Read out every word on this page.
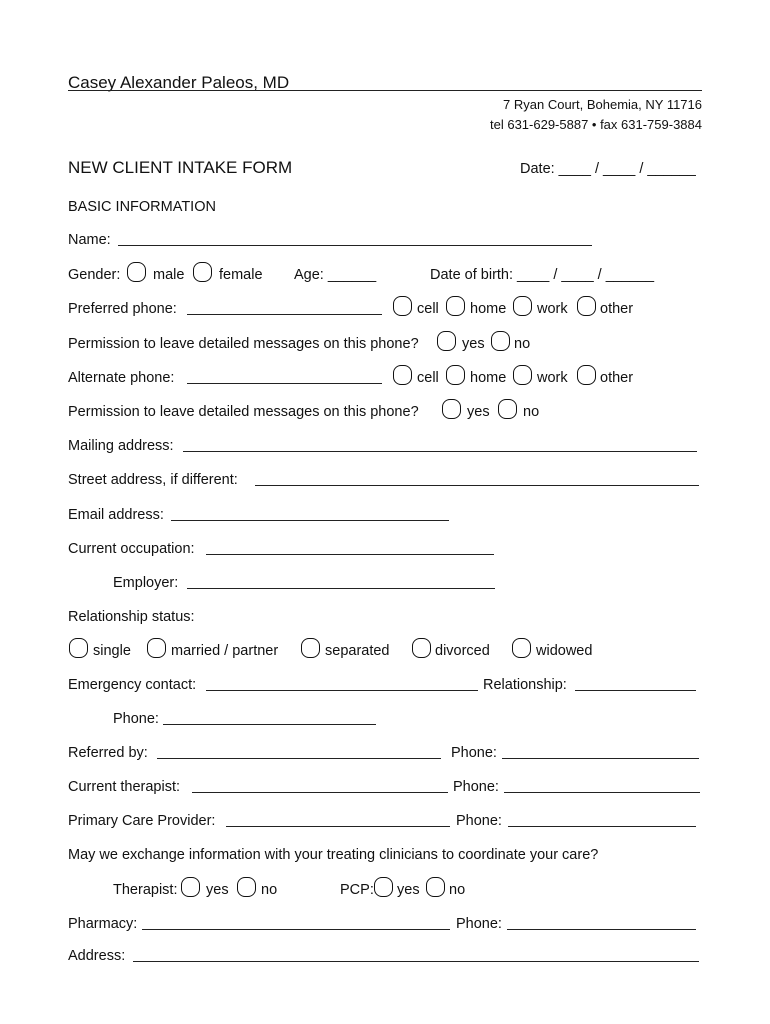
Casey Alexander Paleos, MD
7 Ryan Court, Bohemia, NY 11716
tel 631-629-5887 • fax 631-759-3884
NEW CLIENT INTAKE FORM	Date: ____ / ____ / ______
BASIC INFORMATION
Name:
Gender: male female Age: ______	Date of birth: ____ / ____ / ______
Preferred phone:	cell home work other
Permission to leave detailed messages on this phone?	yes no
Alternate phone:	cell home work other
Permission to leave detailed messages on this phone?	yes no
Mailing address:
Street address, if different:
Email address:
Current occupation:
Employer:
Relationship status:
single	married / partner	separated	divorced	widowed
Emergency contact:	Relationship:
Phone:
Referred by:	Phone:
Current therapist:	Phone:
Primary Care Provider:	Phone:
May we exchange information with your treating clinicians to coordinate your care?
Therapist: yes no	PCP: yes no
Pharmacy:	Phone:
Address:
